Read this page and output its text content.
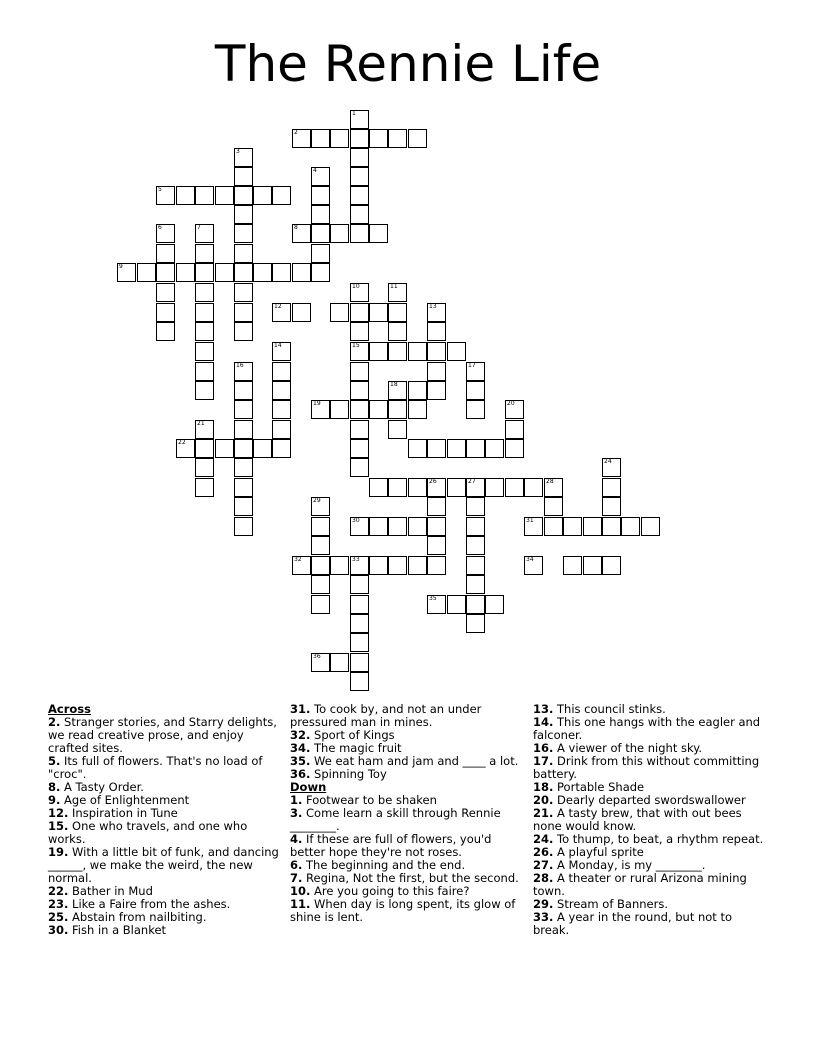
The Rennie Life
1
2
3
4
5
8
6	7
9
10
15
11
12	13
14
16	17
18
19	20
21
22
24
26	27	28
29
30	31
32	33	34
35
36
Across
2. Stranger stories, and Starry delights, we read creative prose, and enjoy crafted sites.
5. Its full of flowers. That's no load of "croc".
8. A Tasty Order.
9. Age of Enlightenment
12. Inspiration in Tune
15. One who travels, and one who works.
19. With a little bit of funk, and dancing ______, we make the weird, the new normal.
22. Bather in Mud
23. Like a Faire from the ashes.
25. Abstain from nailbiting.
30. Fish in a Blanket
31. To cook by, and not an under pressured man in mines.
32. Sport of Kings
34. The magic fruit
35. We eat ham and jam and ____ a lot.
36. Spinning Toy
Down
1. Footwear to be shaken
3. Come learn a skill through Rennie ________.
4. If these are full of flowers, you'd better hope they're not roses.
6. The beginning and the end.
7. Regina, Not the first, but the second.
10. Are you going to this faire?
11. When day is long spent, its glow of shine is lent.
13. This council stinks.
14. This one hangs with the eagler and falconer.
16. A viewer of the night sky.
17. Drink from this without committing battery.
18. Portable Shade
20. Dearly departed swordswallower
21. A tasty brew, that with out bees none would know.
24. To thump, to beat, a rhythm repeat.
26. A playful sprite
27. A Monday, is my ________.
28. A theater or rural Arizona mining town.
29. Stream of Banners.
33. A year in the round, but not to break.
